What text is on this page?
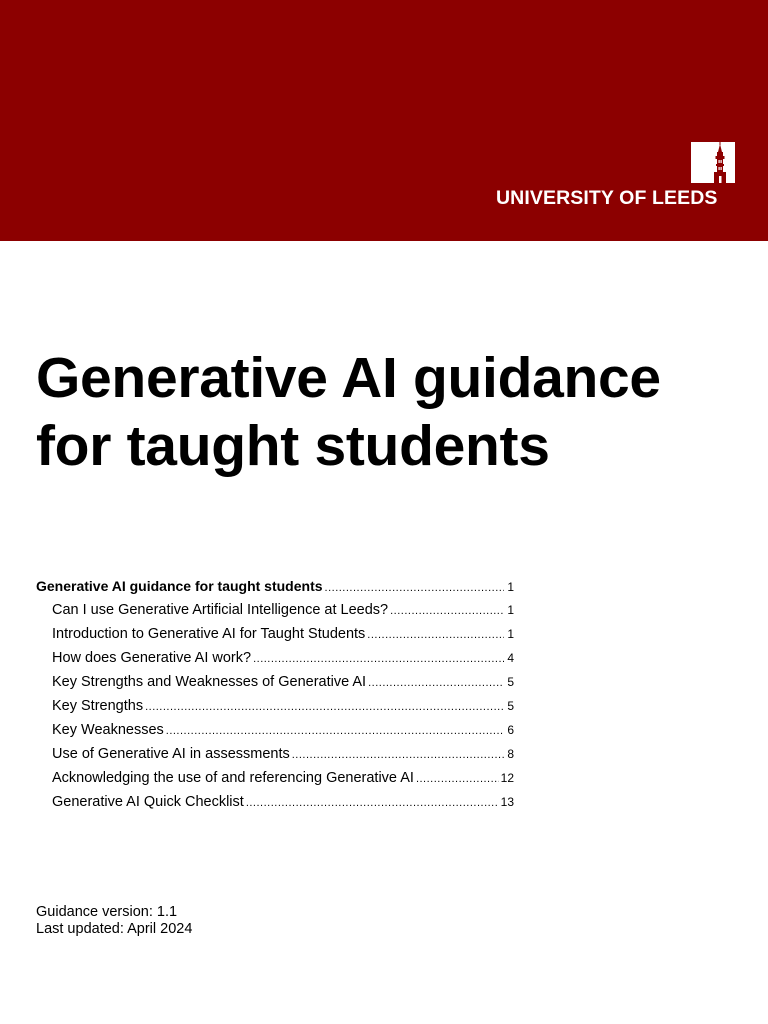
UNIVERSITY OF LEEDS
Generative AI guidance
for taught students
Generative AI guidance for taught students .....	1
Can I use Generative Artificial Intelligence at Leeds? .....	1
Introduction to Generative AI for Taught Students .....	1
How does Generative AI work? .....	4
Key Strengths and Weaknesses of Generative AI .....	5
Key Strengths .....	5
Key Weaknesses .....	6
Use of Generative AI in assessments .....	8
Acknowledging the use of and referencing Generative AI .....	12
Generative AI Quick Checklist .....	13
Guidance version: 1.1
Last updated: April 2024
